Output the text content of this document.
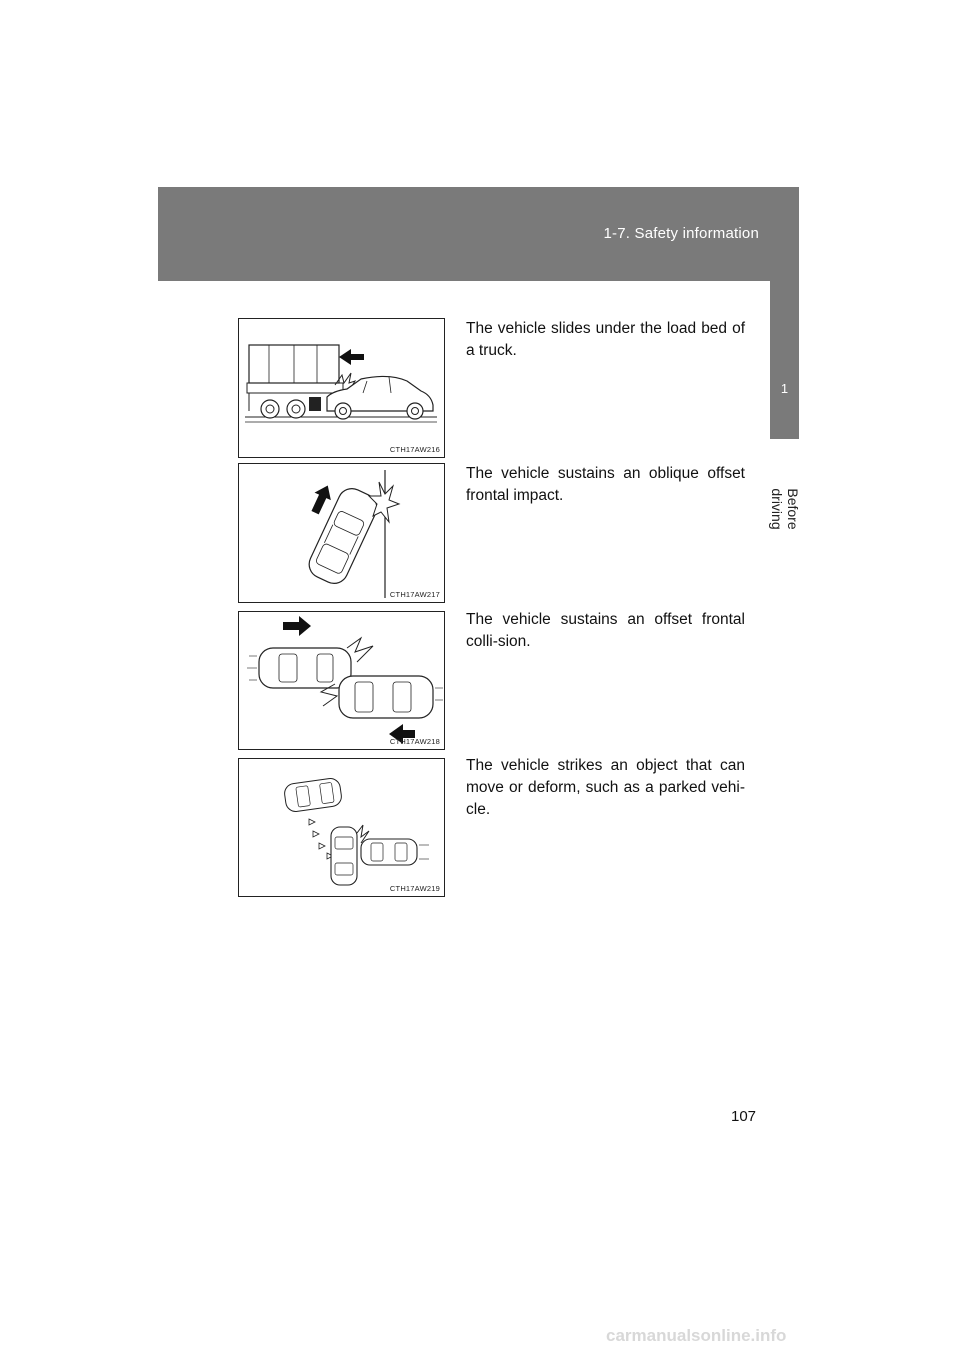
1-7. Safety information
1
Before driving
CTH17AW216
The vehicle slides under the load bed of a truck.
CTH17AW217
The vehicle sustains an oblique offset frontal impact.
CTH17AW218
The vehicle sustains an offset frontal colli-sion.
CTH17AW219
The vehicle strikes an object that can move or deform, such as a parked vehi-cle.
107
carmanualsonline.info
